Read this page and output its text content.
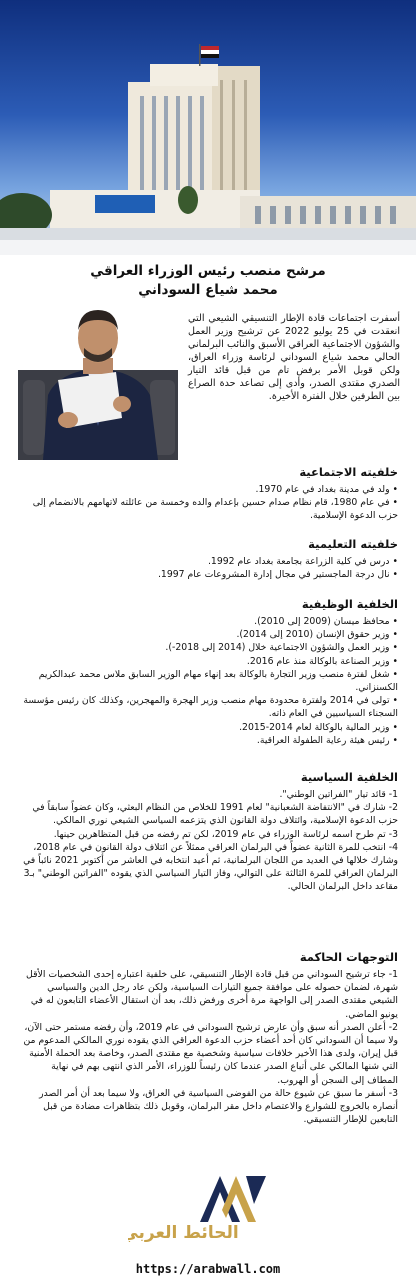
مرشح منصب رئيس الوزراء العراقي
محمد شياع السوداني
أسفرت اجتماعات قادة الإطار التنسيقي الشيعي التي انعقدت في 25 يوليو 2022 عن ترشيح وزير العمل والشؤون الاجتماعية العراقي الأسبق والنائب البرلماني الحالي محمد شياع السوداني لرئاسة وزراء العراق، ولكن قوبل الأمر برفض تام من قبل قائد التيار الصدري مقتدى الصدر، وأدى إلى تصاعد حدة الصراع بين الطرفين خلال الفترة الأخيرة.
خلفيته الاجتماعية

• ولد في مدينة بغداد في عام 1970.

• في عام 1980، قام نظام صدام حسين بإعدام والده وخمسة من عائلته لاتهامهم بالانضمام إلى حزب الدعوة الإسلامية.

خلفيته التعليمية

• درس في كلية الزراعة بجامعة بغداد عام 1992.

• نال درجة الماجستير في مجال إدارة المشروعات عام 1997.

الخلفية الوظيفية

• محافظ ميسان (2009 إلى 2010).

• وزير حقوق الإنسان (2010 إلى 2014).

• وزير العمل والشؤون الاجتماعية خلال (2014 إلى 2018-).

• وزير الصناعة بالوكالة منذ عام 2016.

• شغل لفترة منصب وزير التجارة بالوكالة بعد إنهاء مهام الوزير السابق ملاس محمد عبدالكريم الكسنزاني.

• تولى في 2014 ولفترة محدودة مهام منصب وزير الهجرة والمهجرين، وكذلك كان رئيس مؤسسة السجناء السياسيين في العام ذاته.

• وزير المالية بالوكالة لعام 2014-2015.

• رئيس هيئة رعاية الطفولة العراقية.

الخلفية السياسية

1- قائد تيار "الفراتين الوطني".

2- شارك في "الانتفاضة الشعبانية" لعام 1991 للخلاص من النظام البعثي، وكان عضواً سابقاً في حزب الدعوة الإسلامية، وائتلاف دولة القانون الذي يتزعمه السياسي الشيعي نوري المالكي.

3- تم طرح اسمه لرئاسة الوزراء في عام 2019، لكن تم رفضه من قبل المتظاهرين حينها.

4- انتخب للمرة الثانية عضواً في البرلمان العراقي ممثلاً عن ائتلاف دولة القانون في عام 2018، وشارك خلالها في العديد من اللجان البرلمانية، ثم أعيد انتخابه في العاشر من أكتوبر 2021 نائباً في البرلمان العراقي للمرة الثالثة على التوالي، وفاز التيار السياسي الذي يقوده "الفراتين الوطني" بـ3 مقاعد داخل البرلمان الحالي.

التوجهات الحاكمة

1- جاء ترشيح السوداني من قبل قادة الإطار التنسيقي، على خلفية اعتباره إحدى الشخصيات الأقل شهرة، لضمان حصوله على موافقة جميع التيارات السياسية، ولكن عاد رجل الدين والسياسي الشيعي مقتدى الصدر إلى الواجهة مرة أخرى ورفض ذلك، بعد أن استقال الأعضاء التابعون له في يونيو الماضي.

2- أعلن الصدر أنه سبق وأن عارض ترشيح السوداني في عام 2019، وأن رفضه مستمر حتى الآن، ولا سيما أن السوداني كان أحد أعضاء حزب الدعوة العراقي الذي يقوده نوري المالكي المدعوم من قبل إيران، ولدى هذا الأخير خلافات سياسية وشخصية مع مقتدى الصدر، وخاصة بعد الحملة الأمنية التي شنها المالكي على أتباع الصدر عندما كان رئيساً للوزراء، الأمر الذي انتهى بهم في نهاية المطاف إلى السجن أو الهروب.

3- أسفر ما سبق عن شيوع حالة من الفوضى السياسية في العراق، ولا سيما بعد أن أمر الصدر أنصاره بالخروج للشوارع والاعتصام داخل مقر البرلمان، وقوبل ذلك بتظاهرات مضادة من قبل التابعين للإطار التنسيقي.

الحائط العربي
https://arabwall.com
